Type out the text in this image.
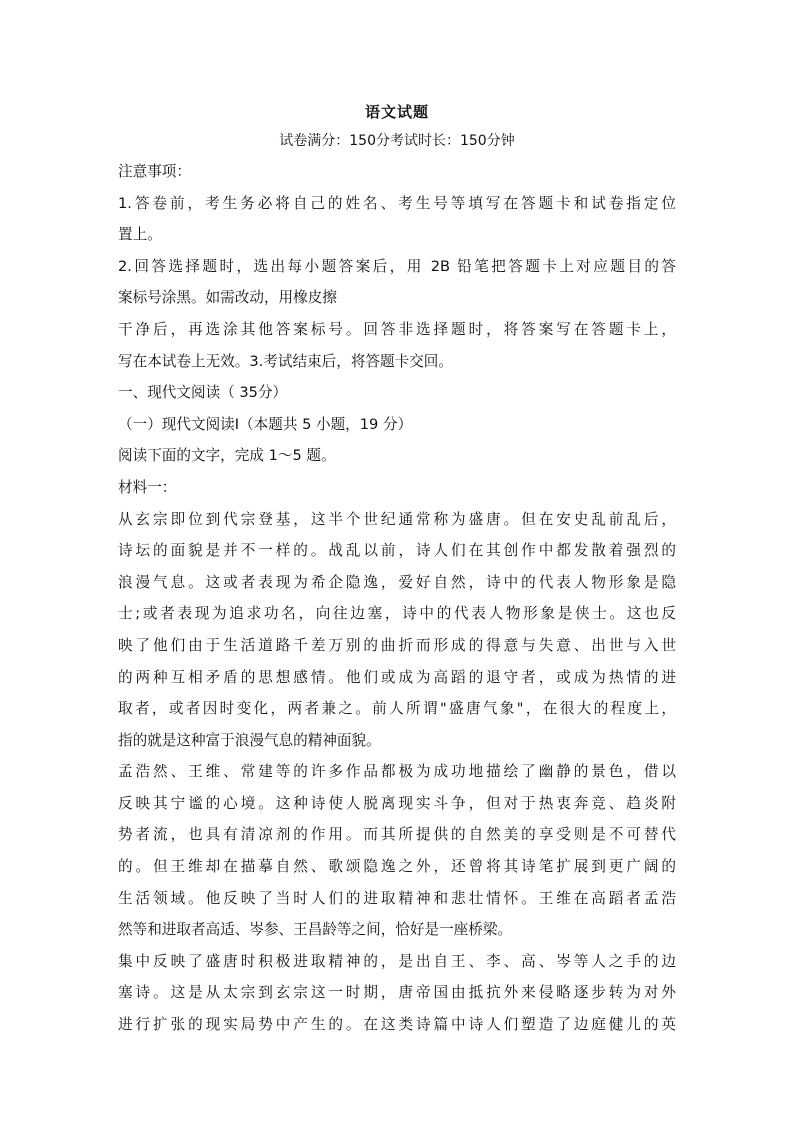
语文试题
试卷满分：150分考试时长：150分钟
注意事项：
1.答卷前，考生务必将自己的姓名、考生号等填写在答题卡和试卷指定位
置上。
2.回答选择题时，选出每小题答案后，用 2B 铅笔把答题卡上对应题目的答
案标号涂黑。如需改动，用橡皮擦
干净后，再选涂其他答案标号。回答非选择题时，将答案写在答题卡上，
写在本试卷上无效。3.考试结束后，将答题卡交回。
一、现代文阅读（ 35分）
（一）现代文阅读Ⅰ（本题共 5 小题，19 分）
阅读下面的文字，完成 1～5 题。
材料一：
从玄宗即位到代宗登基，这半个世纪通常称为盛唐。但在安史乱前乱后，
诗坛的面貌是并不一样的。战乱以前，诗人们在其创作中都发散着强烈的
浪漫气息。这或者表现为希企隐逸，爱好自然，诗中的代表人物形象是隐
士;或者表现为追求功名，向往边塞，诗中的代表人物形象是侠士。这也反
映了他们由于生活道路千差万别的曲折而形成的得意与失意、出世与入世
的两种互相矛盾的思想感情。他们或成为高蹈的退守者，或成为热情的进
取者，或者因时变化，两者兼之。前人所谓"盛唐气象"，在很大的程度上，
指的就是这种富于浪漫气息的精神面貌。
孟浩然、王维、常建等的许多作品都极为成功地描绘了幽静的景色，借以
反映其宁谧的心境。这种诗使人脱离现实斗争，但对于热衷奔竞、趋炎附
势者流，也具有清凉剂的作用。而其所提供的自然美的享受则是不可替代
的。但王维却在描摹自然、歌颂隐逸之外，还曾将其诗笔扩展到更广阔的
生活领域。他反映了当时人们的进取精神和悲壮情怀。王维在高蹈者孟浩
然等和进取者高适、岑参、王昌龄等之间，恰好是一座桥梁。
集中反映了盛唐时积极进取精神的，是出自王、李、高、岑等人之手的边
塞诗。这是从太宗到玄宗这一时期，唐帝国由抵抗外来侵略逐步转为对外
进行扩张的现实局势中产生的。在这类诗篇中诗人们塑造了边庭健儿的英
